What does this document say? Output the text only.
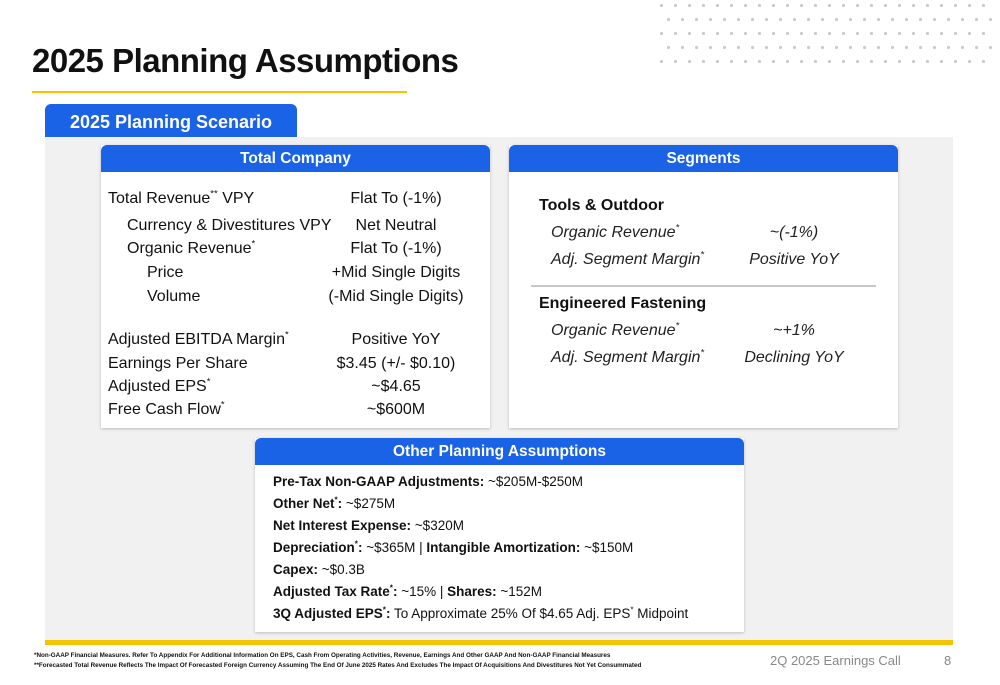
2025 Planning Assumptions
2025 Planning Scenario
Total Company
Total Revenue** VPY	Flat To (-1%)
Currency & Divestitures VPY	Net Neutral
Organic Revenue*	Flat To (-1%)
Price	+Mid Single Digits
Volume	(-Mid Single Digits)
Adjusted EBITDA Margin*	Positive YoY
Earnings Per Share	$3.45 (+/- $0.10)
Adjusted EPS*	~$4.65
Free Cash Flow*	~$600M
Segments
Tools & Outdoor
Organic Revenue*	~(-1%)
Adj. Segment Margin*	Positive YoY
Engineered Fastening
Organic Revenue*	~+1%
Adj. Segment Margin*	Declining YoY
Other Planning Assumptions
Pre-Tax Non-GAAP Adjustments: ~$205M-$250M
Other Net*: ~$275M
Net Interest Expense: ~$320M
Depreciation*: ~$365M | Intangible Amortization: ~$150M
Capex: ~$0.3B
Adjusted Tax Rate*: ~15% | Shares: ~152M
3Q Adjusted EPS*: To Approximate 25% Of $4.65 Adj. EPS* Midpoint
*Non-GAAP Financial Measures. Refer To Appendix For Additional Information On EPS, Cash From Operating Activities, Revenue, Earnings And Other GAAP And Non-GAAP Financial Measures
**Forecasted Total Revenue Reflects The Impact Of Forecasted Foreign Currency Assuming The End Of June 2025 Rates And Excludes The Impact Of Acquisitions And Divestitures Not Yet Consummated	2Q 2025 Earnings Call	8
